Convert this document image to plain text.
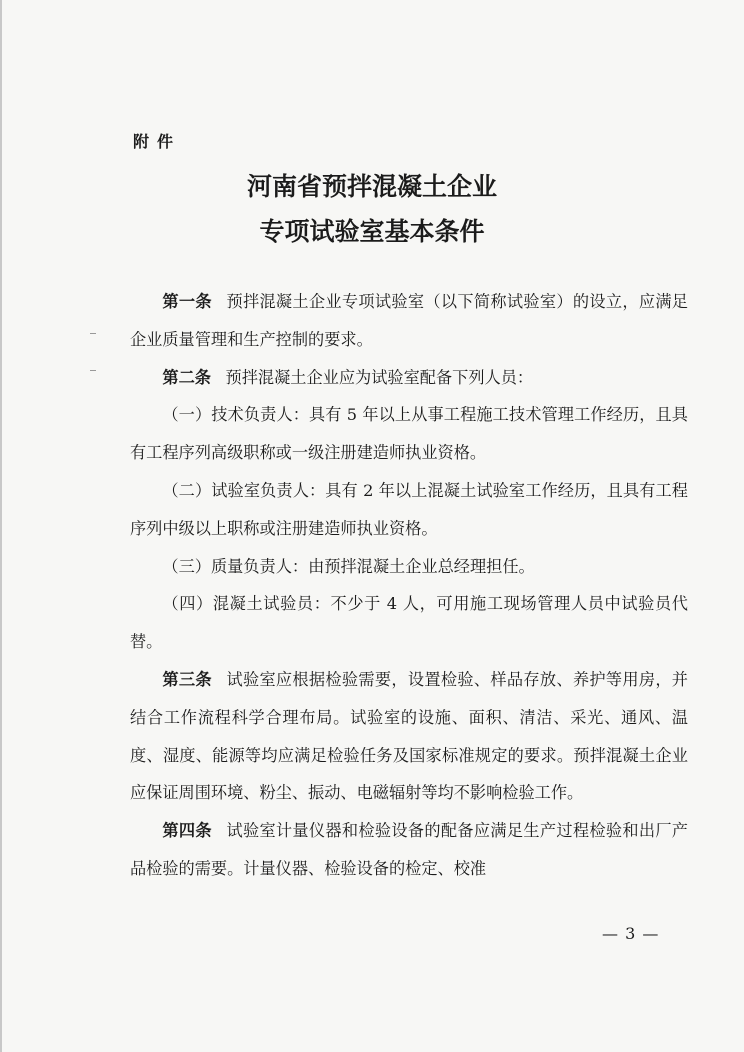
附件
河南省预拌混凝土企业
专项试验室基本条件

第一条 预拌混凝土企业专项试验室（以下简称试验室）的设立，应满足企业质量管理和生产控制的要求。

第二条 预拌混凝土企业应为试验室配备下列人员：

（一）技术负责人：具有 5 年以上从事工程施工技术管理工作经历，且具有工程序列高级职称或一级注册建造师执业资格。

（二）试验室负责人：具有 2 年以上混凝土试验室工作经历，且具有工程序列中级以上职称或注册建造师执业资格。

（三）质量负责人：由预拌混凝土企业总经理担任。

（四）混凝土试验员：不少于 4 人，可用施工现场管理人员中试验员代替。

第三条 试验室应根据检验需要，设置检验、样品存放、养护等用房，并结合工作流程科学合理布局。试验室的设施、面积、清洁、采光、通风、温度、湿度、能源等均应满足检验任务及国家标准规定的要求。预拌混凝土企业应保证周围环境、粉尘、振动、电磁辐射等均不影响检验工作。

第四条 试验室计量仪器和检验设备的配备应满足生产过程检验和出厂产品检验的需要。计量仪器、检验设备的检定、校准

— 3 —
